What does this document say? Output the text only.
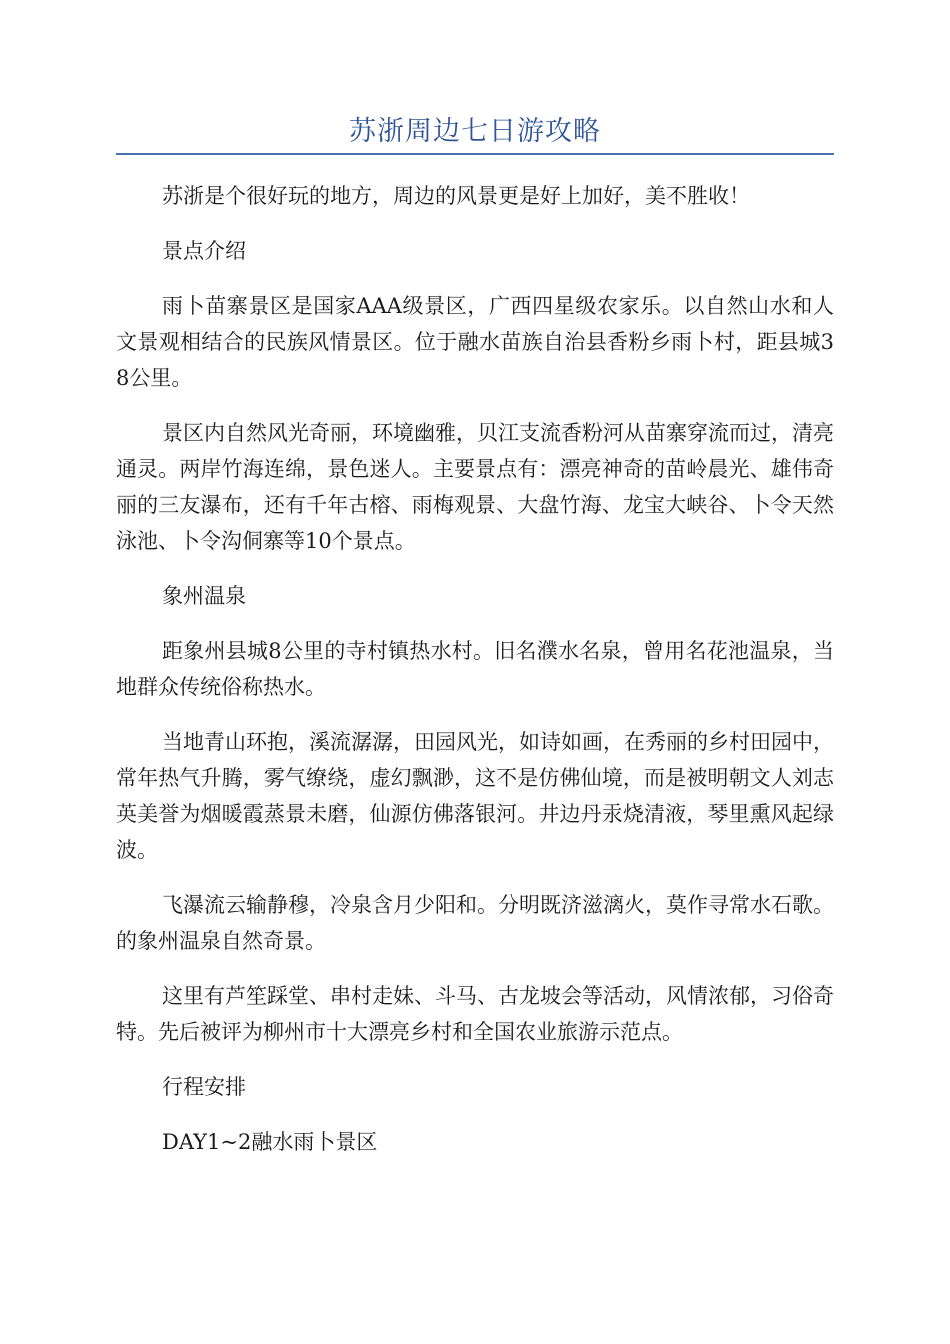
苏浙周边七日游攻略

苏浙是个很好玩的地方，周边的风景更是好上加好，美不胜收！

景点介绍

雨卜苗寨景区是国家AAA级景区，广西四星级农家乐。以自然山水和人文景观相结合的民族风情景区。位于融水苗族自治县香粉乡雨卜村，距县城38公里。

景区内自然风光奇丽，环境幽雅，贝江支流香粉河从苗寨穿流而过，清亮通灵。两岸竹海连绵，景色迷人。主要景点有：漂亮神奇的苗岭晨光、雄伟奇丽的三友瀑布，还有千年古榕、雨梅观景、大盘竹海、龙宝大峡谷、卜令天然泳池、卜令沟侗寨等10个景点。

象州温泉

距象州县城8公里的寺村镇热水村。旧名濮水名泉，曾用名花池温泉，当地群众传统俗称热水。

当地青山环抱，溪流潺潺，田园风光，如诗如画，在秀丽的乡村田园中，常年热气升腾，雾气缭绕，虚幻飘渺，这不是仿佛仙境，而是被明朝文人刘志英美誉为烟暖霞蒸景未磨，仙源仿佛落银河。井边丹汞烧清液，琴里熏风起绿波。

飞瀑流云输静穆，冷泉含月少阳和。分明既济滋漓火，莫作寻常水石歌。的象州温泉自然奇景。

这里有芦笙踩堂、串村走妹、斗马、古龙坡会等活动，风情浓郁，习俗奇特。先后被评为柳州市十大漂亮乡村和全国农业旅游示范点。

行程安排

DAY1~2融水雨卜景区
